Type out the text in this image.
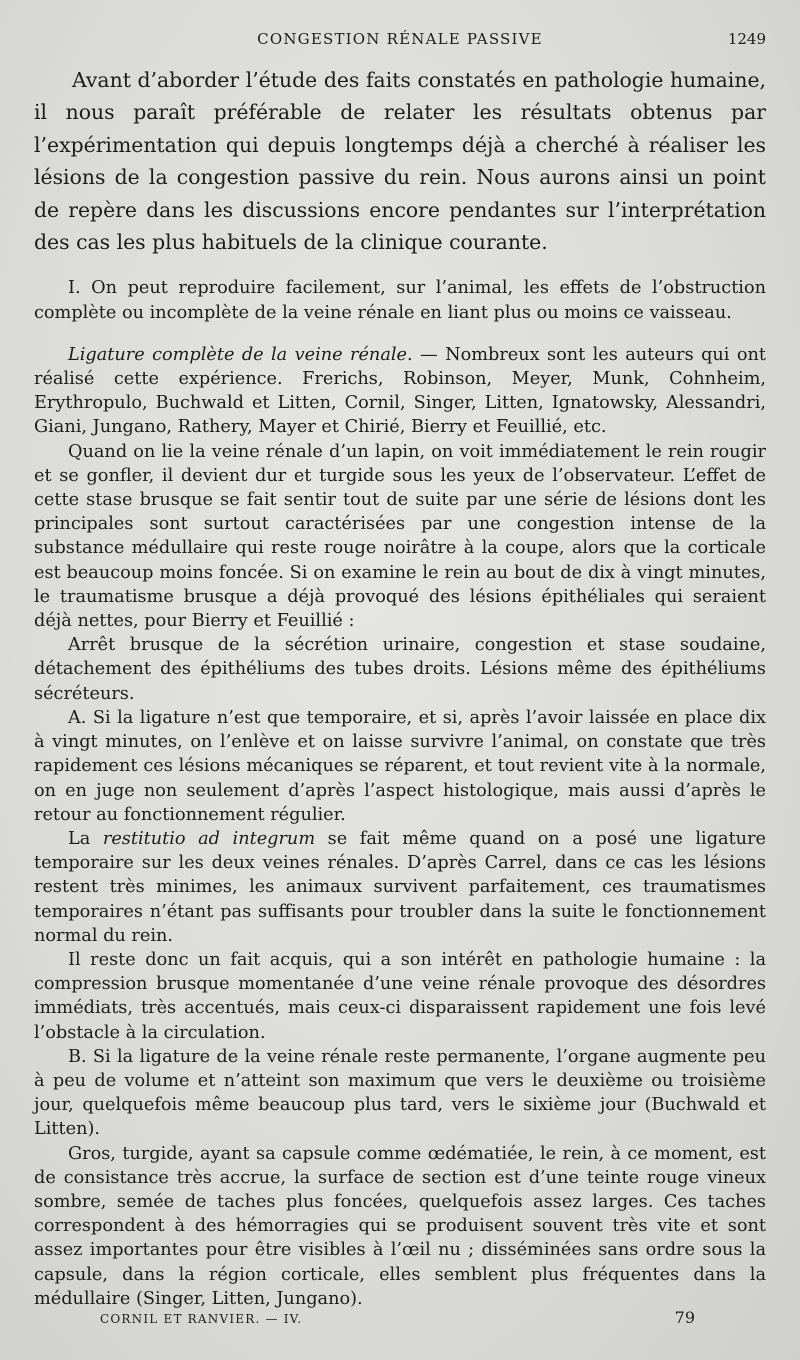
CONGESTION RÉNALE PASSIVE	1249

Avant d’aborder l’étude des faits constatés en pathologie humaine, il nous paraît préférable de relater les résultats obtenus par l’expérimentation qui depuis longtemps déjà a cherché à réaliser les lésions de la congestion passive du rein. Nous aurons ainsi un point de repère dans les discussions encore pendantes sur l’interprétation des cas les plus habituels de la clinique courante.

I. On peut reproduire facilement, sur l’animal, les effets de l’obstruction complète ou incomplète de la veine rénale en liant plus ou moins ce vaisseau.

Ligature complète de la veine rénale. — Nombreux sont les auteurs qui ont réalisé cette expérience. Frerichs, Robinson, Meyer, Munk, Cohnheim, Erythropulo, Buchwald et Litten, Cornil, Singer, Litten, Ignatowsky, Alessandri, Giani, Jungano, Rathery, Mayer et Chirié, Bierry et Feuillié, etc.

Quand on lie la veine rénale d’un lapin, on voit immédiatement le rein rougir et se gonfler, il devient dur et turgide sous les yeux de l’observateur. L’effet de cette stase brusque se fait sentir tout de suite par une série de lésions dont les principales sont surtout caractérisées par une congestion intense de la substance médullaire qui reste rouge noirâtre à la coupe, alors que la corticale est beaucoup moins foncée. Si on examine le rein au bout de dix à vingt minutes, le traumatisme brusque a déjà provoqué des lésions épithéliales qui seraient déjà nettes, pour Bierry et Feuillié :

Arrêt brusque de la sécrétion urinaire, congestion et stase soudaine, détachement des épithéliums des tubes droits. Lésions même des épithéliums sécréteurs.

A. Si la ligature n’est que temporaire, et si, après l’avoir laissée en place dix à vingt minutes, on l’enlève et on laisse survivre l’animal, on constate que très rapidement ces lésions mécaniques se réparent, et tout revient vite à la normale, on en juge non seulement d’après l’aspect histologique, mais aussi d’après le retour au fonctionnement régulier.

La restitutio ad integrum se fait même quand on a posé une ligature temporaire sur les deux veines rénales. D’après Carrel, dans ce cas les lésions restent très minimes, les animaux survivent parfaitement, ces traumatismes temporaires n’étant pas suffisants pour troubler dans la suite le fonctionnement normal du rein.

Il reste donc un fait acquis, qui a son intérêt en pathologie humaine : la compression brusque momentanée d’une veine rénale provoque des désordres immédiats, très accentués, mais ceux-ci disparaissent rapidement une fois levé l’obstacle à la circulation.

B. Si la ligature de la veine rénale reste permanente, l’organe augmente peu à peu de volume et n’atteint son maximum que vers le deuxième ou troisième jour, quelquefois même beaucoup plus tard, vers le sixième jour (Buchwald et Litten).

Gros, turgide, ayant sa capsule comme œdématiée, le rein, à ce moment, est de consistance très accrue, la surface de section est d’une teinte rouge vineux sombre, semée de taches plus foncées, quelquefois assez larges. Ces taches correspondent à des hémorragies qui se produisent souvent très vite et sont assez importantes pour être visibles à l’œil nu ; disséminées sans ordre sous la capsule, dans la région corticale, elles semblent plus fréquentes dans la médullaire (Singer, Litten, Jungano).

CORNIL ET RANVIER. — IV.	79
